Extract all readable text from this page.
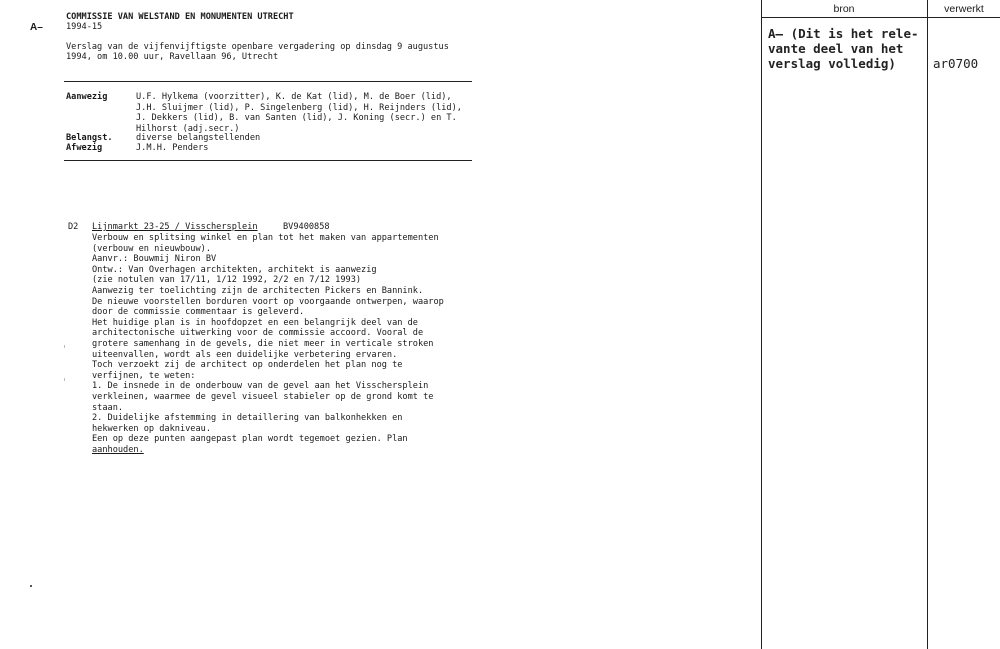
A–
COMMISSIE VAN WELSTAND EN MONUMENTEN UTRECHT
1994-15
Verslag van de vijfenvijftigste openbare vergadering op dinsdag 9 augustus
1994, om 10.00 uur, Ravellaan 96, Utrecht
Aanwezig	U.F. Hylkema (voorzitter), K. de Kat (lid), M. de Boer (lid),
J.H. Sluijmer (lid), P. Singelenberg (lid), H. Reijnders (lid),
J. Dekkers (lid), B. van Santen (lid), J. Koning (secr.) en T.
Hilhorst (adj.secr.)
Belangst.	diverse belangstellenden
Afwezig	J.M.H. Penders
D2 Lijnmarkt 23-25 / Visschersplein	BV9400858
Verbouw en splitsing winkel en plan tot het maken van appartementen
(verbouw en nieuwbouw).
Aanvr.: Bouwmij Niron BV
Ontw.: Van Overhagen architekten, architekt is aanwezig
(zie notulen van 17/11, 1/12 1992, 2/2 en 7/12 1993)
Aanwezig ter toelichting zijn de architecten Pickers en Bannink.
De nieuwe voorstellen borduren voort op voorgaande ontwerpen, waarop
door de commissie commentaar is geleverd.
Het huidige plan is in hoofdopzet en een belangrijk deel van de
architectonische uitwerking voor de commissie accoord. Vooral de
grotere samenhang in de gevels, die niet meer in verticale stroken
uiteenvallen, wordt als een duidelijke verbetering ervaren.
Toch verzoekt zij de architect op onderdelen het plan nog te
verfijnen, te weten:
1. De insnede in de onderbouw van de gevel aan het Visschersplein
verkleinen, waarmee de gevel visueel stabieler op de grond komt te
staan.
2. Duidelijke afstemming in detaillering van balkonhekken en
hekwerken op dakniveau.
Een op deze punten aangepast plan wordt tegemoet gezien. Plan
aanhouden.
bron	verwerkt
A– (Dit is het rele-
vante deel van het
verslag volledig)	ar0700
